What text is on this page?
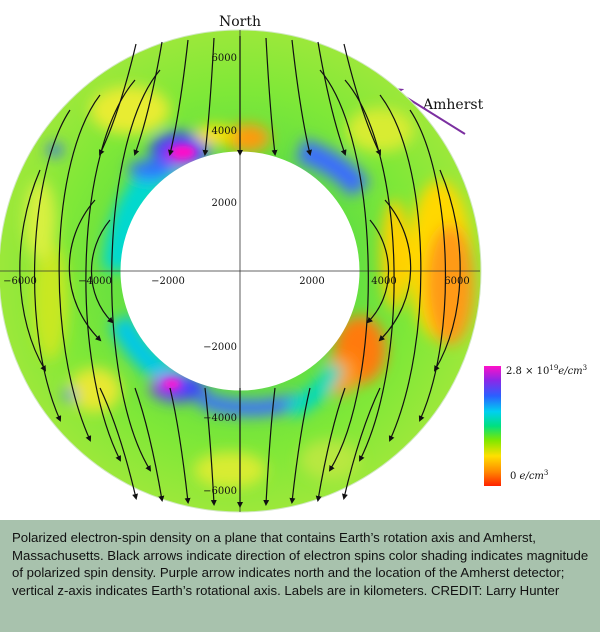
North
Amherst
−6000	−4000	−2000	2000	4000	6000
6000
4000
2000
−2000
−4000
−6000
$2.8 \times 10^{19}e/cm^3$
0 $e/cm^3$
Polarized electron-spin density on a plane that contains Earth’s rotation axis and Amherst, Massachusetts. Black arrows indicate direction of electron spins color shading indicates magnitude of polarized spin density. Purple arrow indicates north and the location of the Amherst detector; vertical z-axis indicates Earth’s rotational axis. Labels are in kilometers. CREDIT: Larry Hunter
